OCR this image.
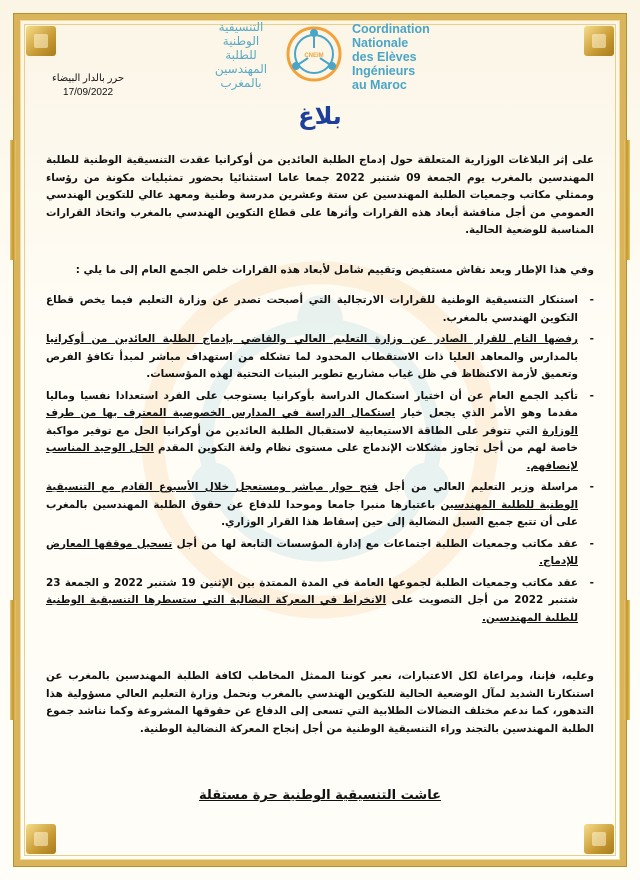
حرر بالدار البيضاء
17/09/2022
التنسيقية
الوطنية
للطلبة
المهندسين
بالمغرب
CNEIM
Coordination
Nationale
des Elèves
Ingénieurs
au Maroc
بلاغ
على إثر البلاغات الوزارية المتعلقة حول إدماج الطلبة العائدين من أوكرانيا عقدت التنسيقية الوطنية للطلبة المهندسين بالمغرب يوم الجمعة 09 شتنبر 2022 جمعا عاما استثنائيا بحضور تمثيليات مكونة من رؤساء وممثلي مكاتب وجمعيات الطلبة المهندسين عن ستة وعشرين مدرسة وطنية ومعهد عالي للتكوين الهندسي العمومي من أجل مناقشة أبعاد هذه القرارات وأثرها على قطاع التكوين الهندسي بالمغرب واتخاذ القرارات المناسبة للوضعية الحالية.
وفي هذا الإطار وبعد نقاش مستفيض وتقييم شامل لأبعاد هذه القرارات خلص الجمع العام إلى ما يلي :
- استنكار التنسيقية الوطنية للقرارات الارتجالية التي أصبحت تصدر عن وزارة التعليم فيما يخص قطاع التكوين الهندسي بالمغرب.
- رفضها التام للقرار الصادر عن وزارة التعليم العالي والقاضي بإدماج الطلبة العائدين من أوكرانيا بالمدارس والمعاهد العليا ذات الاستقطاب المحدود لما تشكله من استهداف مباشر لمبدأ تكافؤ الفرص وتعميق لأزمة الاكتظاظ في ظل غياب مشاريع تطوير البنيات التحتية لهذه المؤسسات.
- تأكيد الجمع العام عن أن اختيار استكمال الدراسة بأوكرانيا يستوجب على الفرد استعدادا نفسيا وماليا مقدما وهو الأمر الذي يجعل خيار استكمال الدراسة في المدارس الخصوصية المعترف بها من طرف الوزارة التي تتوفر على الطاقة الاستيعابية لاستقبال الطلبة العائدين من أوكرانيا الحل مع توفير مواكبة خاصة لهم من أجل تجاوز مشكلات الإندماج على مستوى نظام ولغة التكوين المقدم الحل الوحيد المناسب لإنصافهم.
- مراسلة وزير التعليم العالي من أجل فتح حوار مباشر ومستعجل خلال الأسبوع القادم مع التنسيقية الوطنية للطلبة المهندسين باعتبارها منبرا جامعا وموحدا للدفاع عن حقوق الطلبة المهندسين بالمغرب على أن تتبع جميع السبل النضالية إلى حين إسقاط هذا القرار الوزاري.
- عقد مكاتب وجمعيات الطلبة اجتماعات مع إدارة المؤسسات التابعة لها من أجل تسجيل موقفها المعارض للإدماج.
- عقد مكاتب وجمعيات الطلبة لجموعها العامة في المدة الممتدة بين الإثنين 19 شتنبر 2022 و الجمعة 23 شتنبر 2022 من أجل التصويت على الانخراط في المعركة النضالية التي ستسطرها التنسيقية الوطنية للطلبة المهندسين.
وعليه، فإننا، ومراعاة لكل الاعتبارات، نعبر كوننا الممثل المخاطب لكافة الطلبة المهندسين بالمغرب عن استنكارنا الشديد لمآل الوضعية الحالية للتكوين الهندسي بالمغرب ونحمل وزارة التعليم العالي مسؤولية هذا التدهور، كما ندعم مختلف النضالات الطلابية التي تسعى إلى الدفاع عن حقوقها المشروعة وكما نناشد جموع الطلبة المهندسين بالتجند وراء التنسيقية الوطنية من أجل إنجاح المعركة النضالية الوطنية.
عاشت التنسيقية الوطنية حرة مستقلة
